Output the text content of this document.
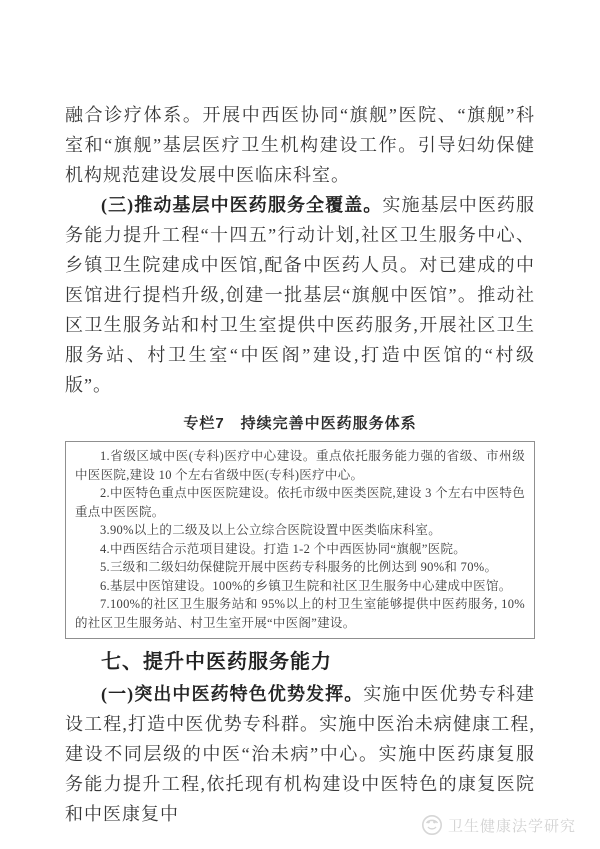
融合诊疗体系。开展中西医协同“旗舰”医院、“旗舰”科室和“旗舰”基层医疗卫生机构建设工作。引导妇幼保健机构规范建设发展中医临床科室。

(三)推动基层中医药服务全覆盖。实施基层中医药服务能力提升工程“十四五”行动计划,社区卫生服务中心、乡镇卫生院建成中医馆,配备中医药人员。对已建成的中医馆进行提档升级,创建一批基层“旗舰中医馆”。推动社区卫生服务站和村卫生室提供中医药服务,开展社区卫生服务站、村卫生室“中医阁”建设,打造中医馆的“村级版”。

专栏7　持续完善中医药服务体系

1.省级区域中医(专科)医疗中心建设。重点依托服务能力强的省级、市州级中医医院,建设 10 个左右省级中医(专科)医疗中心。

2.中医特色重点中医医院建设。依托市级中医类医院,建设 3 个左右中医特色重点中医医院。

3.90%以上的二级及以上公立综合医院设置中医类临床科室。

4.中西医结合示范项目建设。打造 1-2 个中西医协同“旗舰”医院。

5.三级和二级妇幼保健院开展中医药专科服务的比例达到 90%和 70%。

6.基层中医馆建设。100%的乡镇卫生院和社区卫生服务中心建成中医馆。

7.100%的社区卫生服务站和 95%以上的村卫生室能够提供中医药服务, 10%的社区卫生服务站、村卫生室开展“中医阁”建设。

七、提升中医药服务能力

(一)突出中医药特色优势发挥。实施中医优势专科建设工程,打造中医优势专科群。实施中医治未病健康工程,建设不同层级的中医“治未病”中心。实施中医药康复服务能力提升工程,依托现有机构建设中医特色的康复医院和中医康复中

卫生健康法学研究
